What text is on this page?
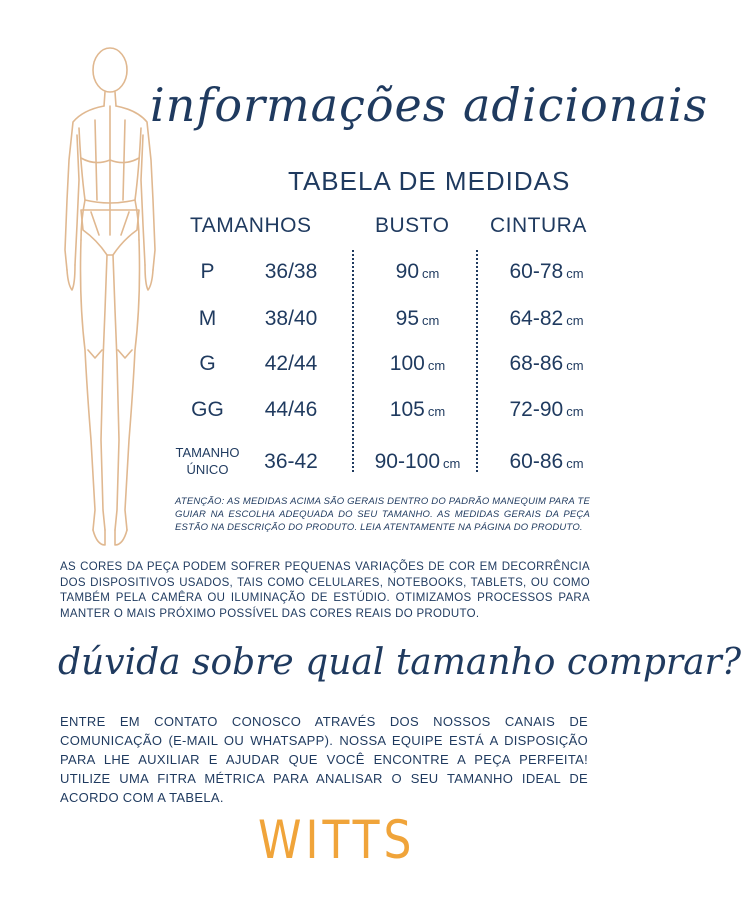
informações adicionais
TABELA DE MEDIDAS
TAMANHOS	BUSTO CINTURA
P	36/38	90 cm	60-78 cm
M	38/40	95 cm	64-82 cm
G	42/44	100 cm	68-86 cm
GG	44/46	105 cm	72-90 cm
TAMANHO ÚNICO	36-42	90-100 cm	60-86 cm
ATENÇÃO: AS MEDIDAS ACIMA SÃO GERAIS DENTRO DO PADRÃO MANEQUIM PARA TE GUIAR NA ESCOLHA ADEQUADA DO SEU TAMANHO. AS MEDIDAS GERAIS DA PEÇA ESTÃO NA DESCRIÇÃO DO PRODUTO. LEIA ATENTAMENTE NA PÁGINA DO PRODUTO.
AS CORES DA PEÇA PODEM SOFRER PEQUENAS VARIAÇÕES DE COR EM DECORRÊNCIA DOS DISPOSITIVOS USADOS, TAIS COMO CELULARES, NOTEBOOKS, TABLETS, OU COMO TAMBÉM PELA CAMÊRA OU ILUMINAÇÃO DE ESTÚDIO. OTIMIZAMOS PROCESSOS PARA MANTER O MAIS PRÓXIMO POSSÍVEL DAS CORES REAIS DO PRODUTO.
dúvida sobre qual tamanho comprar?
ENTRE EM CONTATO CONOSCO ATRAVÉS DOS NOSSOS CANAIS DE COMUNICAÇÃO (E-MAIL OU WHATSAPP). NOSSA EQUIPE ESTÁ A DISPOSIÇÃO PARA LHE AUXILIAR E AJUDAR QUE VOCÊ ENCONTRE A PEÇA PERFEITA! UTILIZE UMA FITRA MÉTRICA PARA ANALISAR O SEU TAMANHO IDEAL DE ACORDO COM A TABELA.
WITTS
